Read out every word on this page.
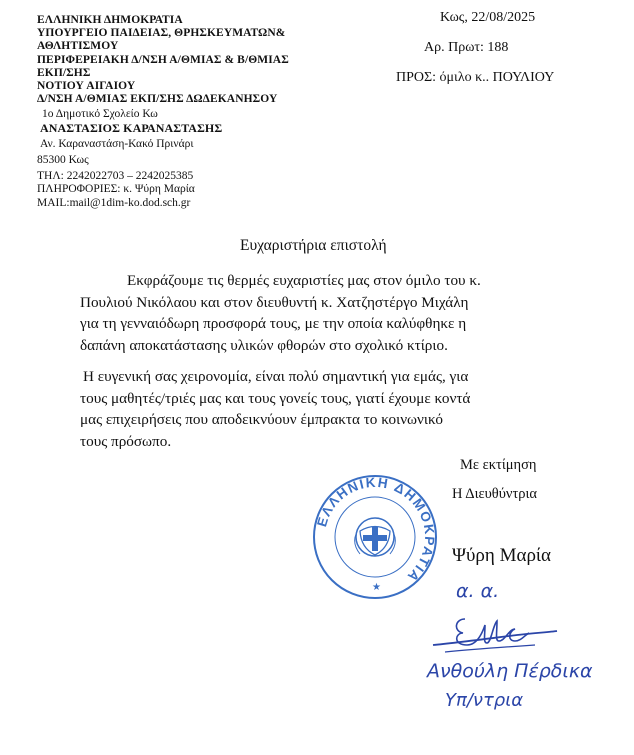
ΕΛΛΗΝΙΚΗ ΔΗΜΟΚΡΑΤΙΑ
ΥΠΟΥΡΓΕΙΟ ΠΑΙΔΕΙΑΣ, ΘΡΗΣΚΕΥΜΑΤΩΝ&
ΑΘΛΗΤΙΣΜΟΥ
ΠΕΡΙΦΕΡΕΙΑΚΗ Δ/ΝΣΗ Α/ΘΜΙΑΣ & Β/ΘΜΙΑΣ
ΕΚΠ/ΣΗΣ
ΝΟΤΙΟΥ ΑΙΓΑΙΟΥ
Δ/ΝΣΗ Α/ΘΜΙΑΣ ΕΚΠ/ΣΗΣ ΔΩΔΕΚΑΝΗΣΟΥ
1ο Δημοτικό Σχολείο Κω
ΑΝΑΣΤΑΣΙΟΣ ΚΑΡΑΝΑΣΤΑΣΗΣ
Αν. Καραναστάση-Κακό Πρινάρι
85300 Κως
ΤΗΛ: 2242022703 – 2242025385
ΠΛΗΡΟΦΟΡΙΕΣ: κ. Ψύρη Μαρία
MAIL:mail@1dim-ko.dod.sch.gr
Κως, 22/08/2025
Αρ. Πρωτ: 188
ΠΡΟΣ: όμιλο κ.. ΠΟΥΛΙΟΥ
Ευχαριστήρια επιστολή
Εκφράζουμε τις θερμές ευχαριστίες μας στον όμιλο του κ.
Πουλιού Νικόλαου και στον διευθυντή κ. Χατζηστέργο Μιχάλη
για τη γενναιόδωρη προσφορά τους, με την οποία καλύφθηκε η
δαπάνη αποκατάστασης υλικών φθορών στο σχολικό κτίριο.
Η ευγενική σας χειρονομία, είναι πολύ σημαντική για εμάς, για
τους μαθητές/τριές μας και τους γονείς τους, γιατί έχουμε κοντά
μας επιχειρήσεις που αποδεικνύουν έμπρακτα το κοινωνικό
τους πρόσωπο.
Με εκτίμηση
Η Διευθύντρια
ΕΛΛΗΝΙΚΗ ΔΗΜΟΚΡΑΤΙΑ
★
Ψύρη Μαρία
α. α.
Ανθούλη Πέρδικα
Υπ/ντρια
